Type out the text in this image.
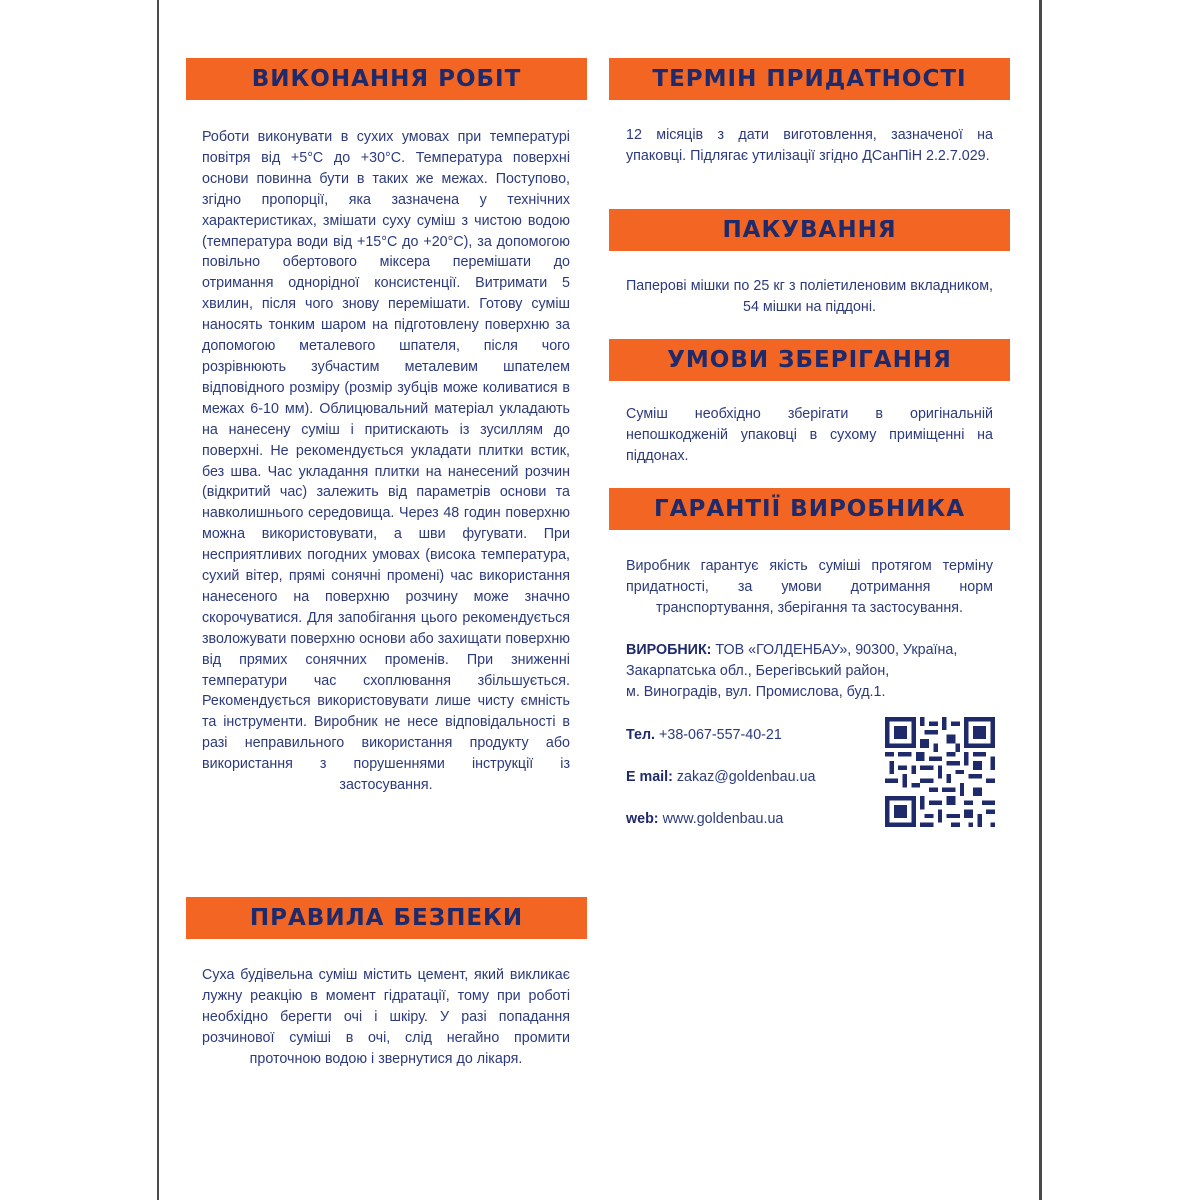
ВИКОНАННЯ РОБІТ
Роботи виконувати в сухих умовах при температурі повітря від +5°C до +30°C. Температура поверхні основи повинна бути в таких же межах. Поступово, згідно пропорції, яка зазначена у технічних характеристиках, змішати суху суміш з чистою водою (температура води від +15°C до +20°C), за допомогою повільно обертового міксера перемішати до отримання однорідної консистенції. Витримати 5 хвилин, після чого знову перемішати. Готову суміш наносять тонким шаром на підготовлену поверхню за допомогою металевого шпателя, після чого розрівнюють зубчастим металевим шпателем відповідного розміру (розмір зубців може коливатися в межах 6-10 мм). Облицювальний матеріал укладають на нанесену суміш і притискають із зусиллям до поверхні. Не рекомендується укладати плитки встик, без шва. Час укладання плитки на нанесений розчин (відкритий час) залежить від параметрів основи та навколишнього середовища. Через 48 годин поверхню можна використовувати, а шви фугувати. При несприятливих погодних умовах (висока температура, сухий вітер, прямі сонячні промені) час використання нанесеного на поверхню розчину може значно скорочуватися. Для запобігання цього рекомендується зволожувати поверхню основи або захищати поверхню від прямих сонячних променів. При зниженні температури час схоплювання збільшується. Рекомендується використовувати лише чисту ємність та інструменти. Виробник не несе відповідальності в разі неправильного використання продукту або використання з порушеннями інструкції із застосування.
ПРАВИЛА БЕЗПЕКИ
Суха будівельна суміш містить цемент, який викликає лужну реакцію в момент гідратації, тому при роботі необхідно берегти очі і шкіру. У разі попадання розчинової суміші в очі, слід негайно промити проточною водою і звернутися до лікаря.
ТЕРМІН ПРИДАТНОСТІ
12 місяців з дати виготовлення, зазначеної на упаковці. Підлягає утилізації згідно ДСанПіН 2.2.7.029.
ПАКУВАННЯ
Паперові мішки по 25 кг з поліетиленовим вкладником, 54 мішки на піддоні.
УМОВИ ЗБЕРІГАННЯ
Суміш необхідно зберігати в оригінальній непошкодженій упаковці в сухому приміщенні на піддонах.
ГАРАНТІЇ ВИРОБНИКА
Виробник гарантує якість суміші протягом терміну придатності, за умови дотримання норм транспортування, зберігання та застосування.
ВИРОБНИК: ТОВ «ГОЛДЕНБАУ», 90300, Україна,
Закарпатська обл., Берегівський район,
м. Виноградів, вул. Промислова, буд.1.
Тел. +38-067-557-40-21
E mail: zakaz@goldenbau.ua
web: www.goldenbau.ua
